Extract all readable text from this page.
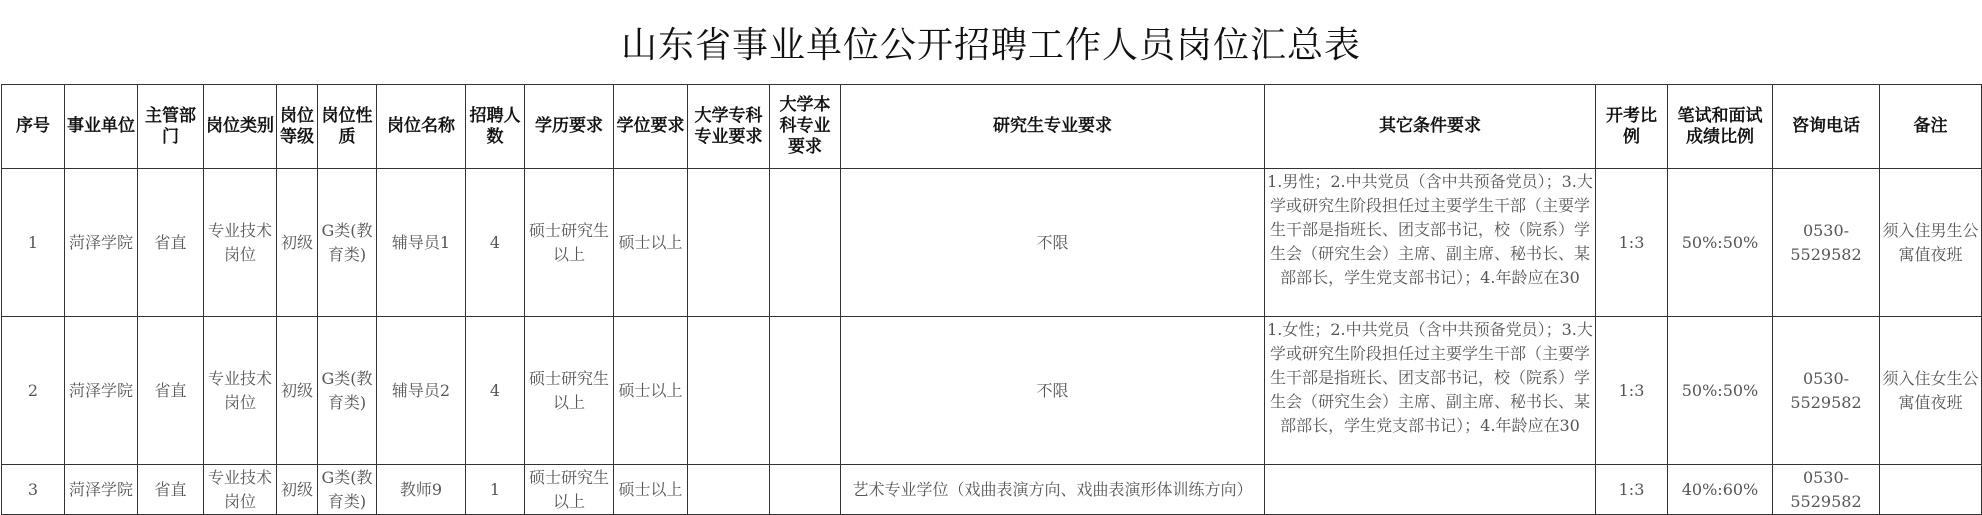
山东省事业单位公开招聘工作人员岗位汇总表
序号	事业单位	主管部门	岗位类别	岗位等级	岗位性质	岗位名称	招聘人数	学历要求	学位要求	大学专科专业要求	大学本科专业要求	研究生专业要求	其它条件要求	开考比例	笔试和面试成绩比例	咨询电话	备注
1	菏泽学院	省直	专业技术岗位	初级	G类(教育类)	辅导员1	4	硕士研究生以上	硕士以上			不限	1.男性；2.中共党员（含中共预备党员）；3.大学或研究生阶段担任过主要学生干部（主要学生干部是指班长、团支部书记，校（院系）学生会（研究生会）主席、副主席、秘书长、某部部长，学生党支部书记）；4.年龄应在30	1:3	50%:50%	0530-5529582	须入住男生公寓值夜班
2	菏泽学院	省直	专业技术岗位	初级	G类(教育类)	辅导员2	4	硕士研究生以上	硕士以上			不限	1.女性；2.中共党员（含中共预备党员）；3.大学或研究生阶段担任过主要学生干部（主要学生干部是指班长、团支部书记，校（院系）学生会（研究生会）主席、副主席、秘书长、某部部长，学生党支部书记）；4.年龄应在30	1:3	50%:50%	0530-5529582	须入住女生公寓值夜班
3	菏泽学院	省直	专业技术岗位	初级	G类(教育类)	教师9	1	硕士研究生以上	硕士以上			艺术专业学位（戏曲表演方向、戏曲表演形体训练方向）		1:3	40%:60%	0530-5529582	
